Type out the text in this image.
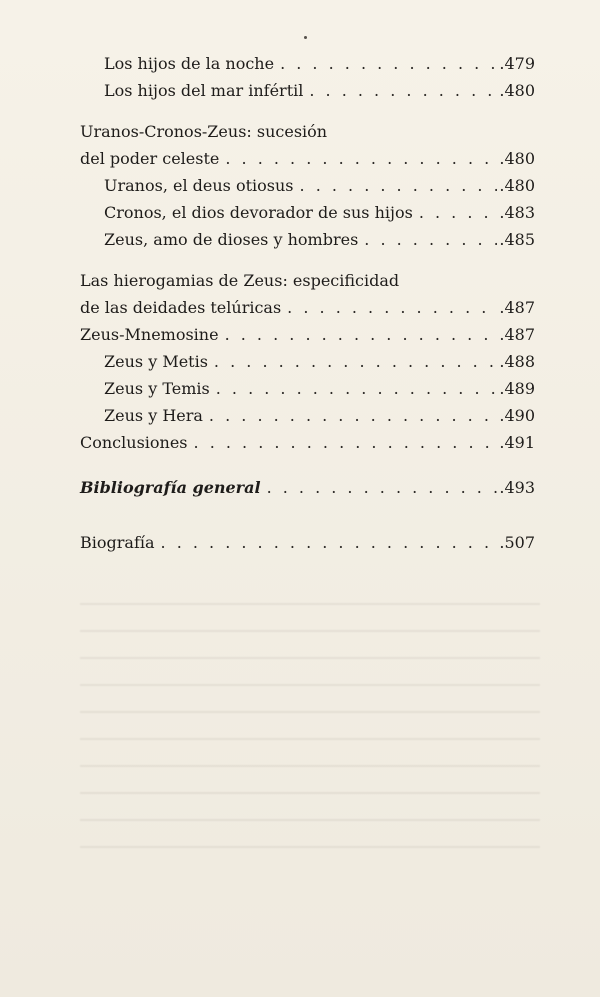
Los hijos de la noche . . .	.479
Los hijos del mar infértil . . .	.480
Uranos-Cronos-Zeus: sucesión
del poder celeste . . .	.480
Uranos, el deus otiosus . . .	.480
Cronos, el dios devorador de sus hijos . . .	.483
Zeus, amo de dioses y hombres . . .	.485
Las hierogamias de Zeus: especificidad
de las deidades telúricas . . .	.487
Zeus-Mnemosine . . .	.487
Zeus y Metis . . .	.488
Zeus y Temis . . .	.489
Zeus y Hera . . .	.490
Conclusiones . . .	.491
Bibliografía general . . .	.493
Biografía . . .	.507
